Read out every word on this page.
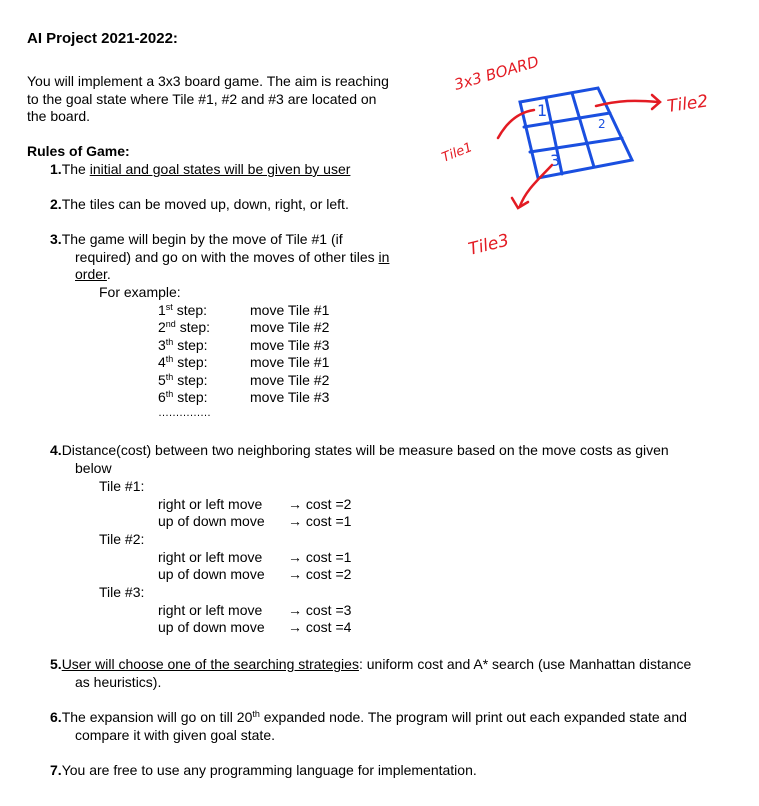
AI Project 2021-2022:
You will implement a 3x3 board game. The aim is reaching
to the goal state where Tile #1, #2 and #3 are located on
the board.
Rules of Game:
1.The initial and goal states will be given by user
2.The tiles can be moved up, down, right, or left.
3.The game will begin by the move of Tile #1 (if
required) and go on with the moves of other tiles in
order.
For example:
1st step:	move Tile #1
2nd step:	move Tile #2
3th step:	move Tile #3
4th step:	move Tile #1
5th step:	move Tile #2
6th step:	move Tile #3
……………
4.Distance(cost) between two neighboring states will be measure based on the move costs as given
below
Tile #1:
right or left move → cost =2
up of down move → cost =1
Tile #2:
right or left move → cost =1
up of down move → cost =2
Tile #3:
right or left move → cost =3
up of down move → cost =4
5.User will choose one of the searching strategies: uniform cost and A* search (use Manhattan distance
as heuristics).
6.The expansion will go on till 20th expanded node. The program will print out each expanded state and
compare it with given goal state.
7.You are free to use any programming language for implementation.
3x3 BOARD
1
2
3
Tile1
Tile2
Tile3
